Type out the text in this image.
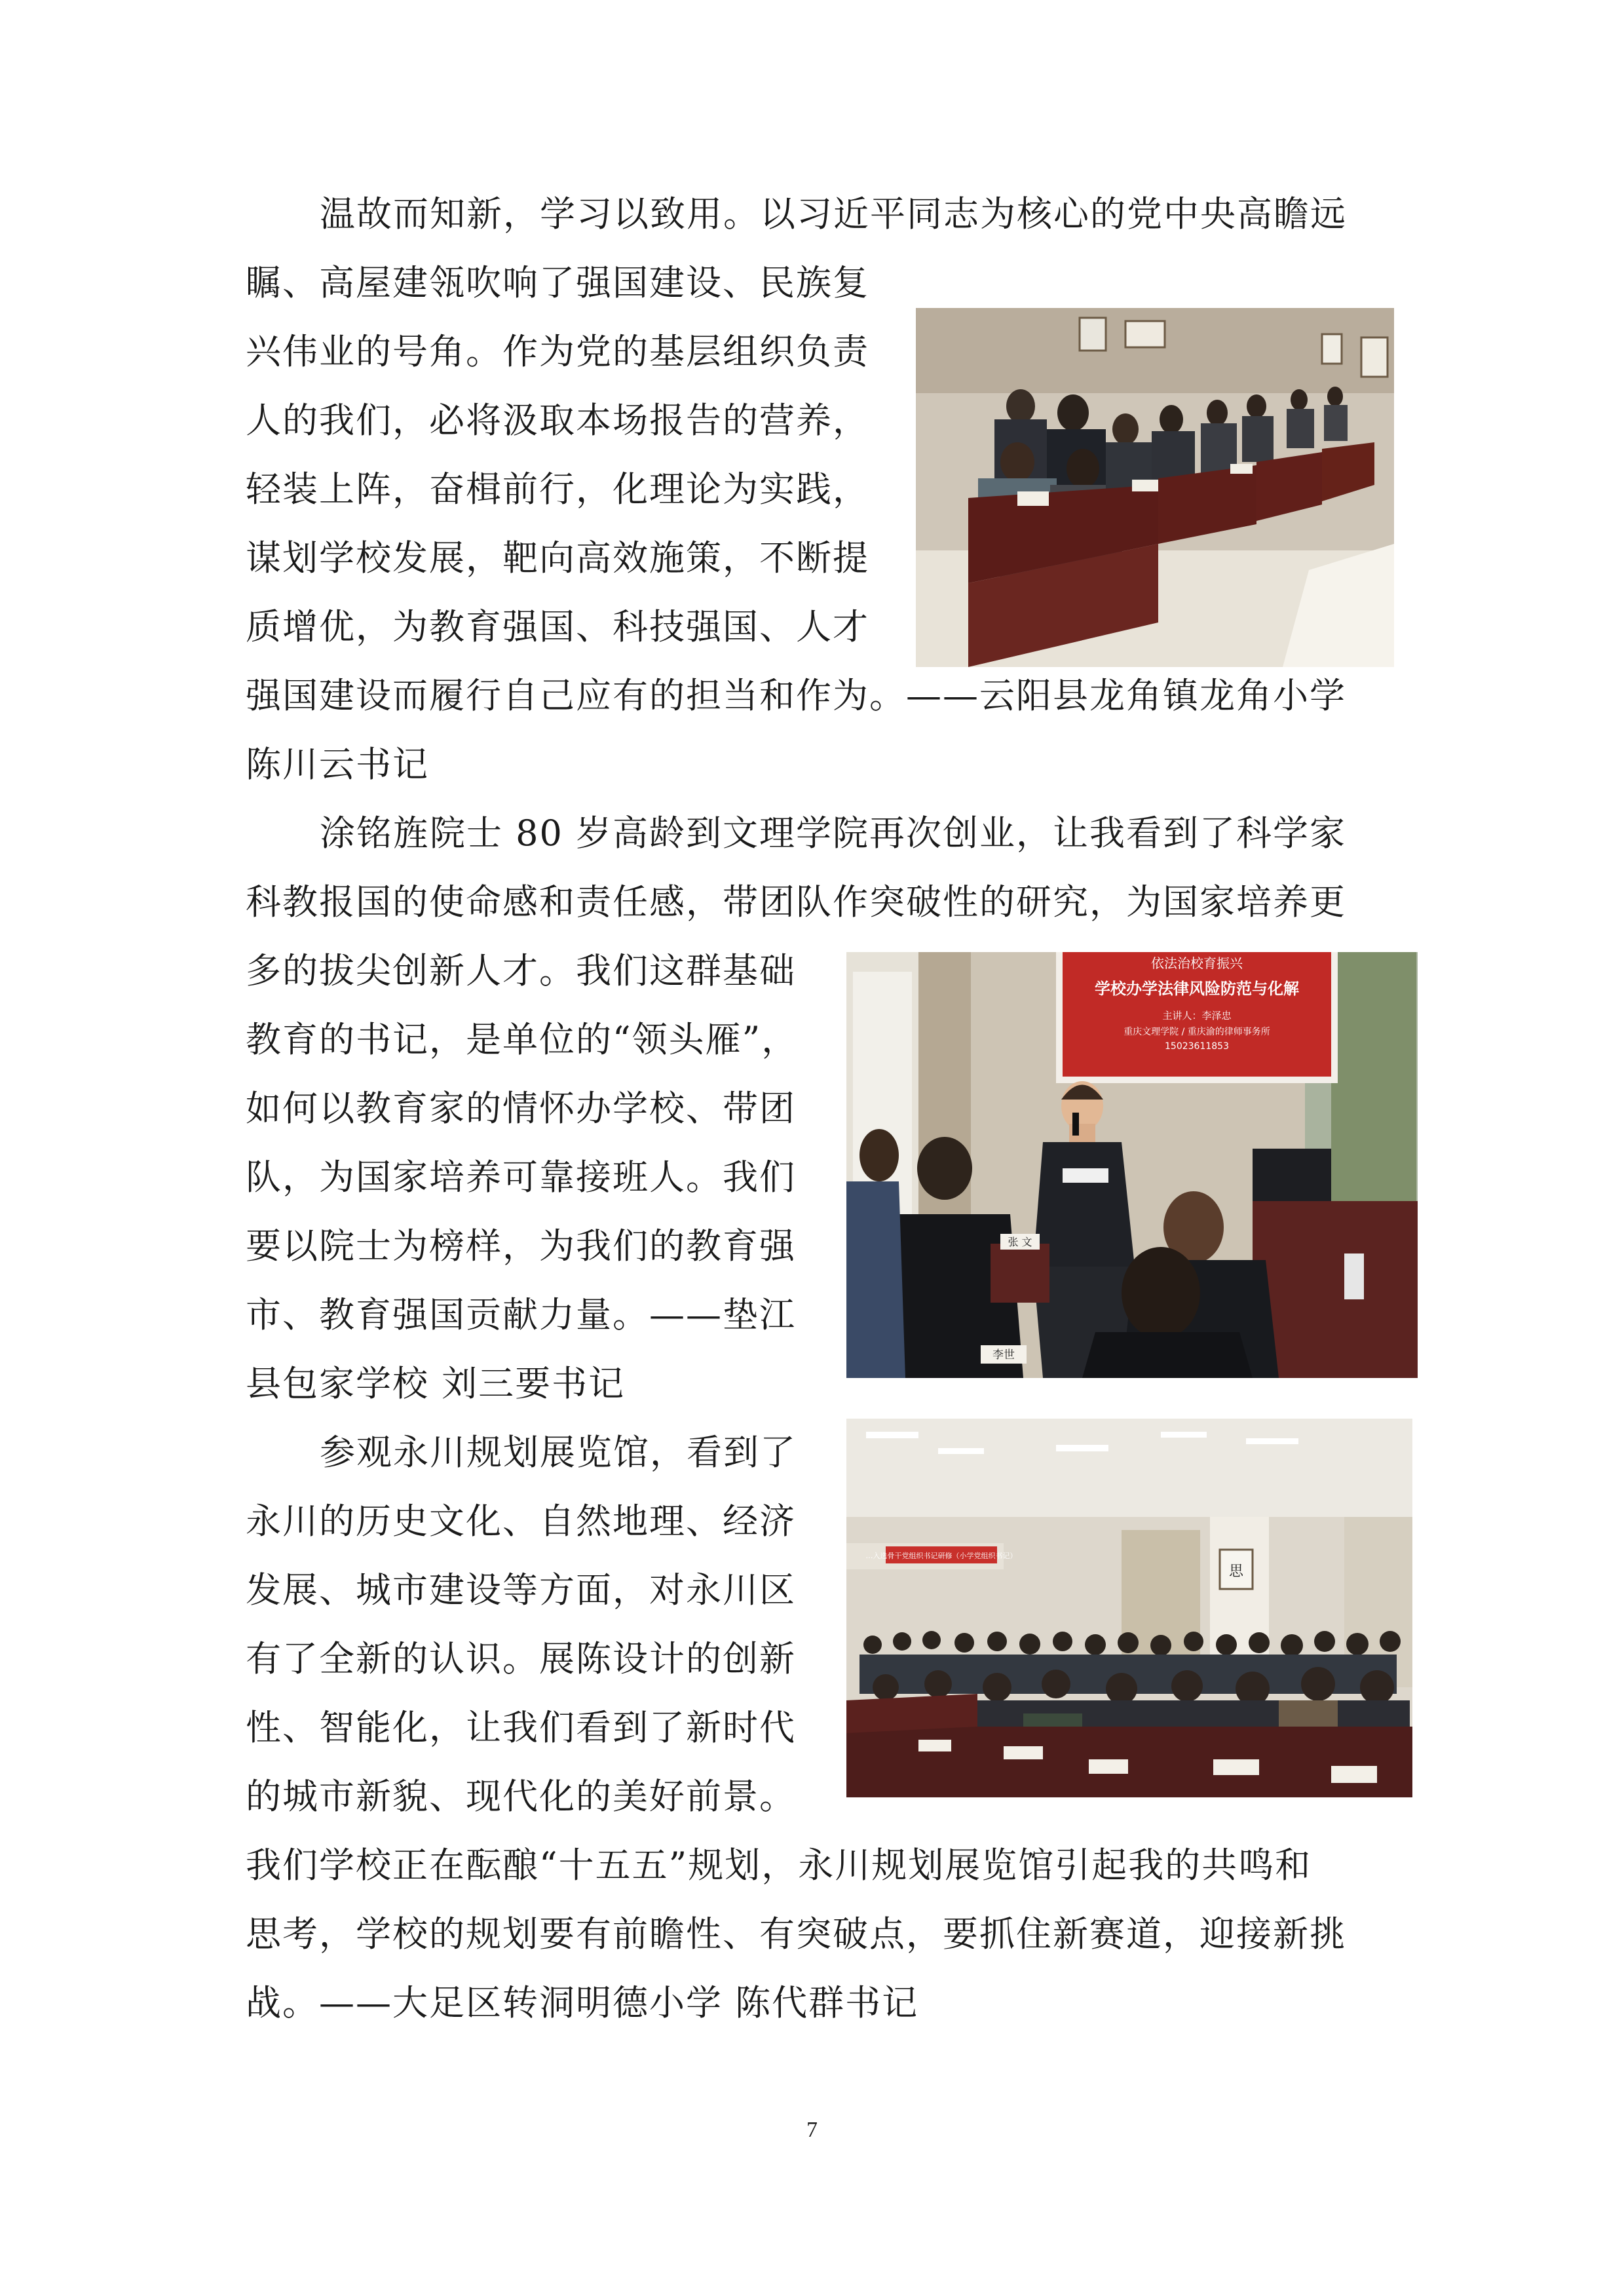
温故而知新，学习以致用。以习近平同志为核心的党中央高瞻远
瞩、高屋建瓴吹响了强国建设、民族复
兴伟业的号角。作为党的基层组织负责
人的我们，必将汲取本场报告的营养，
轻装上阵，奋楫前行，化理论为实践，
谋划学校发展，靶向高效施策，不断提
质增优，为教育强国、科技强国、人才
强国建设而履行自己应有的担当和作为。——云阳县龙角镇龙角小学
陈川云书记
涂铭旌院士 80 岁高龄到文理学院再次创业，让我看到了科学家
科教报国的使命感和责任感，带团队作突破性的研究，为国家培养更
多的拔尖创新人才。我们这群基础
教育的书记，是单位的“领头雁”，
如何以教育家的情怀办学校、带团
队，为国家培养可靠接班人。我们
要以院士为榜样，为我们的教育强
市、教育强国贡献力量。——垫江
县包家学校 刘三要书记
参观永川规划展览馆，看到了
永川的历史文化、自然地理、经济
发展、城市建设等方面，对永川区
有了全新的认识。展陈设计的创新
性、智能化，让我们看到了新时代
的城市新貌、现代化的美好前景。
我们学校正在酝酿“十五五”规划，永川规划展览馆引起我的共鸣和
思考，学校的规划要有前瞻性、有突破点，要抓住新赛道，迎接新挑
战。——大足区转洞明德小学 陈代群书记
依法治校育振兴
学校办学法律风险防范与化解
主讲人：李泽忠
重庆文理学院 / 重庆渝的律师事务所
15023611853
张 文
李世
…入选骨干党组织书记研修（小学党组织书记）
思
7
